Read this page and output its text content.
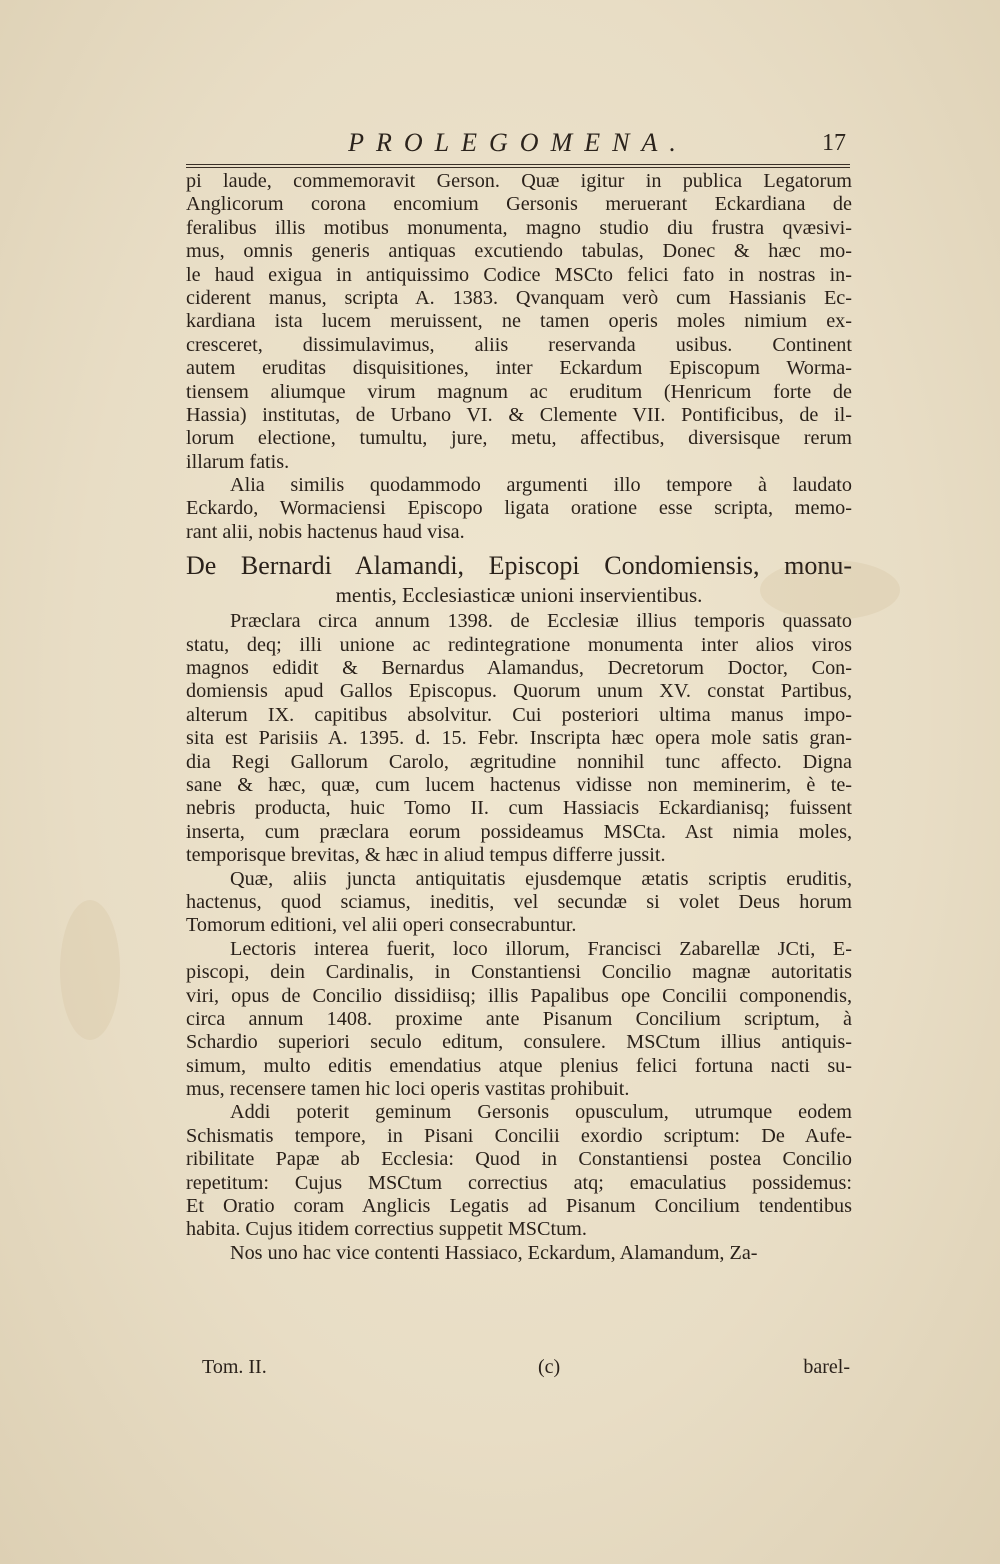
PROLEGOMENA.	17
pi laude, commemoravit Gerson. Quæ igitur in publica Legatorum
Anglicorum corona encomium Gersonis meruerant Eckardiana de
feralibus illis motibus monumenta, magno studio diu frustra qvæsivi-
mus, omnis generis antiquas excutiendo tabulas, Donec & hæc mo-
le haud exigua in antiquissimo Codice MSCto felici fato in nostras in-
ciderent manus, scripta A. 1383. Qvanquam verò cum Hassianis Ec-
kardiana ista lucem meruissent, ne tamen operis moles nimium ex-
cresceret, dissimulavimus, aliis reservanda usibus. Continent
autem eruditas disquisitiones, inter Eckardum Episcopum Worma-
tiensem aliumque virum magnum ac eruditum (Henricum forte de
Hassia) institutas, de Urbano VI. & Clemente VII. Pontificibus, de il-
lorum electione, tumultu, jure, metu, affectibus, diversisque rerum
illarum fatis.
Alia similis quodammodo argumenti illo tempore à laudato
Eckardo, Wormaciensi Episcopo ligata oratione esse scripta, memo-
rant alii, nobis hactenus haud visa.
De Bernardi Alamandi, Episcopi Condomiensis, monu-
mentis, Ecclesiasticæ unioni inservientibus.
Præclara circa annum 1398. de Ecclesiæ illius temporis quassato
statu, deq; illi unione ac redintegratione monumenta inter alios viros
magnos edidit & Bernardus Alamandus, Decretorum Doctor, Con-
domiensis apud Gallos Episcopus. Quorum unum XV. constat Partibus,
alterum IX. capitibus absolvitur. Cui posteriori ultima manus impo-
sita est Parisiis A. 1395. d. 15. Febr. Inscripta hæc opera mole satis gran-
dia Regi Gallorum Carolo, ægritudine nonnihil tunc affecto. Digna
sane & hæc, quæ, cum lucem hactenus vidisse non meminerim, è te-
nebris producta, huic Tomo II. cum Hassiacis Eckardianisq; fuissent
inserta, cum præclara eorum possideamus MSCta. Ast nimia moles,
temporisque brevitas, & hæc in aliud tempus differre jussit.
Quæ, aliis juncta antiquitatis ejusdemque ætatis scriptis eruditis,
hactenus, quod sciamus, ineditis, vel secundæ si volet Deus horum
Tomorum editioni, vel alii operi consecrabuntur.
Lectoris interea fuerit, loco illorum, Francisci Zabarellæ JCti, E-
piscopi, dein Cardinalis, in Constantiensi Concilio magnæ autoritatis
viri, opus de Concilio dissidiisq; illis Papalibus ope Concilii componendis,
circa annum 1408. proxime ante Pisanum Concilium scriptum, à
Schardio superiori seculo editum, consulere. MSCtum illius antiquis-
simum, multo editis emendatius atque plenius felici fortuna nacti su-
mus, recensere tamen hic loci operis vastitas prohibuit.
Addi poterit geminum Gersonis opusculum, utrumque eodem
Schismatis tempore, in Pisani Concilii exordio scriptum: De Aufe-
ribilitate Papæ ab Ecclesia: Quod in Constantiensi postea Concilio
repetitum: Cujus MSCtum correctius atq; emaculatius possidemus:
Et Oratio coram Anglicis Legatis ad Pisanum Concilium tendentibus
habita. Cujus itidem correctius suppetit MSCtum.
Nos uno hac vice contenti Hassiaco, Eckardum, Alamandum, Za-
Tom. II.	(c)	barel-
